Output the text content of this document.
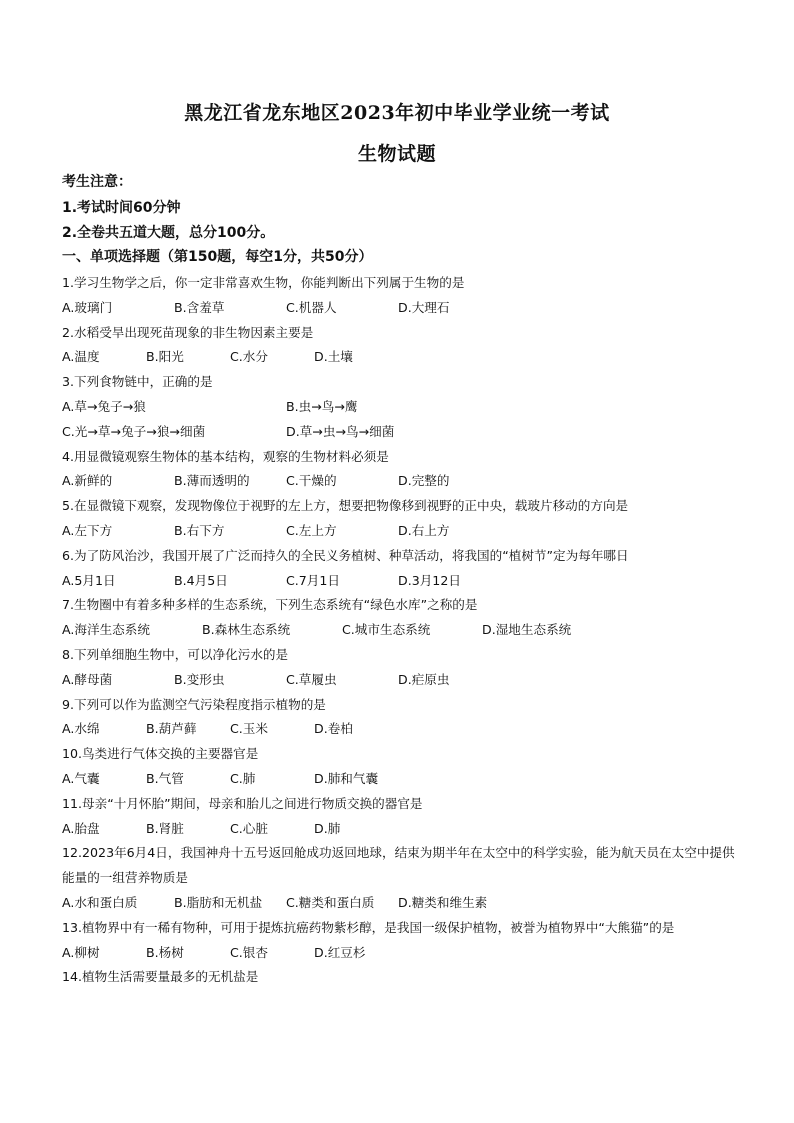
黑龙江省龙东地区2023年初中毕业学业统一考试
生物试题
考生注意：
1.考试时间60分钟
2.全卷共五道大题，总分100分。
一、单项选择题（第150题，每空1分，共50分）

1.学习生物学之后，你一定非常喜欢生物，你能判断出下列属于生物的是

A.玻璃门	B.含羞草	C.机器人	D.大理石

2.水稻受旱出现死苗现象的非生物因素主要是

A.温度	B.阳光	C.水分	D.土壤

3.下列食物链中，正确的是

A.草→兔子→狼	B.虫→鸟→鹰
C.光→草→兔子→狼→细菌	D.草→虫→鸟→细菌

4.用显微镜观察生物体的基本结构，观察的生物材料必须是

A.新鲜的	B.薄而透明的	C.干燥的	D.完整的

5.在显微镜下观察，发现物像位于视野的左上方，想要把物像移到视野的正中央，载玻片移动的方向是

A.左下方	B.右下方	C.左上方	D.右上方

6.为了防风治沙，我国开展了广泛而持久的全民义务植树、种草活动，将我国的“植树节”定为每年哪日

A.5月1日	B.4月5日	C.7月1日	D.3月12日

7.生物圈中有着多种多样的生态系统，下列生态系统有“绿色水库”之称的是

A.海洋生态系统	B.森林生态系统	C.城市生态系统	D.湿地生态系统

8.下列单细胞生物中，可以净化污水的是

A.酵母菌	B.变形虫	C.草履虫	D.疟原虫

9.下列可以作为监测空气污染程度指示植物的是

A.水绵	B.葫芦藓	C.玉米	D.卷柏

10.鸟类进行气体交换的主要器官是

A.气囊	B.气管	C.肺	D.肺和气囊

11.母亲“十月怀胎”期间，母亲和胎儿之间进行物质交换的器官是

A.胎盘	B.肾脏	C.心脏	D.肺

12.2023年6月4日，我国神舟十五号返回舱成功返回地球，结束为期半年在太空中的科学实验，能为航天员在太空中提供能量的一组营养物质是

A.水和蛋白质	B.脂肪和无机盐	C.糖类和蛋白质	D.糖类和维生素

13.植物界中有一稀有物种，可用于提炼抗癌药物紫杉醇，是我国一级保护植物，被誉为植物界中“大熊猫”的是

A.柳树	B.杨树	C.银杏	D.红豆杉

14.植物生活需要量最多的无机盐是
